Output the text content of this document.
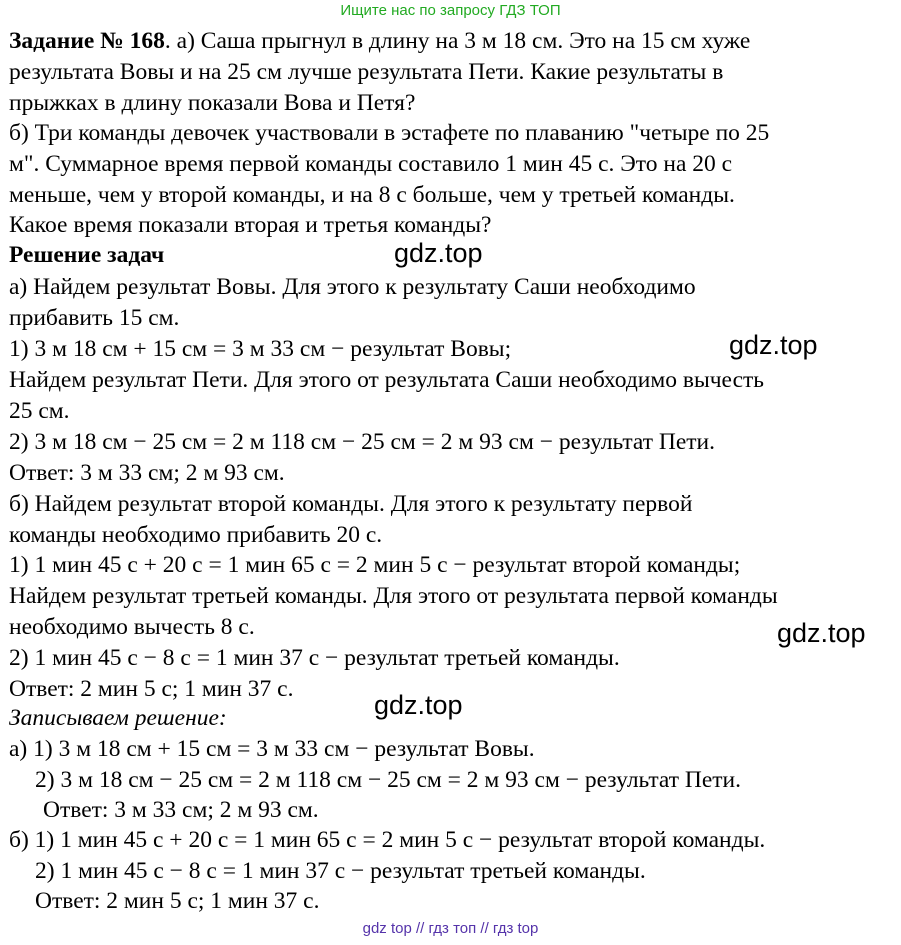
Ищите нас по запросу ГДЗ ТОП
Задание № 168. а) Саша прыгнул в длину на 3 м 18 см. Это на 15 см хуже
результата Вовы и на 25 см лучше результата Пети. Какие результаты в
прыжках в длину показали Вова и Петя?
б) Три команды девочек участвовали в эстафете по плаванию "четыре по 25
м". Суммарное время первой команды составило 1 мин 45 с. Это на 20 с
меньше, чем у второй команды, и на 8 с больше, чем у третьей команды.
Какое время показали вторая и третья команды?
Решение задач
а) Найдем результат Вовы. Для этого к результату Саши необходимо
прибавить 15 см.
1) 3 м 18 см + 15 см = 3 м 33 см − результат Вовы;
Найдем результат Пети. Для этого от результата Саши необходимо вычесть
25 см.
2) 3 м 18 см − 25 см = 2 м 118 см − 25 см = 2 м 93 см − результат Пети.
Ответ: 3 м 33 см; 2 м 93 см.
б) Найдем результат второй команды. Для этого к результату первой
команды необходимо прибавить 20 с.
1) 1 мин 45 с + 20 с = 1 мин 65 с = 2 мин 5 с − результат второй команды;
Найдем результат третьей команды. Для этого от результата первой команды
необходимо вычесть 8 с.
2) 1 мин 45 с − 8 с = 1 мин 37 с − результат третьей команды.
Ответ: 2 мин 5 с; 1 мин 37 с.
Записываем решение:
а) 1) 3 м 18 см + 15 см = 3 м 33 см − результат Вовы.
2) 3 м 18 см − 25 см = 2 м 118 см − 25 см = 2 м 93 см − результат Пети.
Ответ: 3 м 33 см; 2 м 93 см.
б) 1) 1 мин 45 с + 20 с = 1 мин 65 с = 2 мин 5 с − результат второй команды.
2) 1 мин 45 с − 8 с = 1 мин 37 с − результат третьей команды.
Ответ: 2 мин 5 с; 1 мин 37 с.
gdz.top
gdz.top
gdz.top
gdz.top
gdz top // гдз топ // гдз top
